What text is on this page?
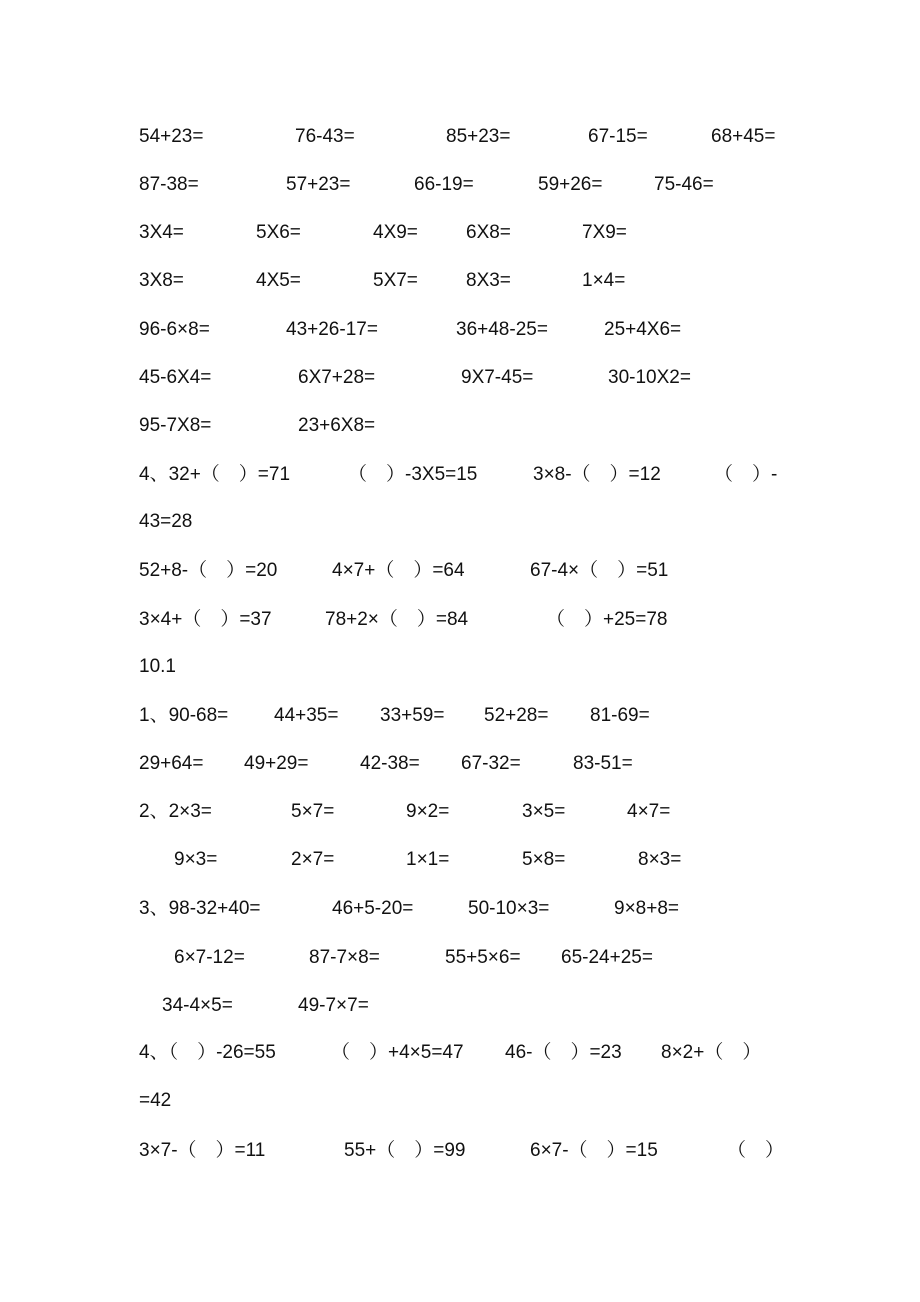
54+23=	76-43=	85+23=	67-15=	68+45=
87-38=	57+23=	66-19=	59+26=	75-46=
3X4=	5X6=	4X9=	6X8=	7X9=
3X8=	4X5=	5X7=	8X3=	1×4=
96-6×8=	43+26-17=	36+48-25=	25+4X6=
45-6X4=	6X7+28=	9X7-45=	30-10X2=
95-7X8=	23+6X8=
4、32+（　）=71	（　）-3X5=15	3×8-（　）=12	（　）-
43=28
52+8-（　）=20	4×7+（　）=64	67-4×（　）=51
3×4+（　）=37	78+2×（　）=84	（　）+25=78
10.1
1、90-68= 44+35= 33+59= 52+28= 81-69=
29+64= 49+29=	42-38= 67-32=	83-51=
2、2×3=	5×7=	9×2=	3×5=	4×7=
9×3=	2×7=	1×1=	5×8=	8×3=
3、98-32+40=	46+5-20=	50-10×3=	9×8+8=
6×7-12=	87-7×8=	55+5×6= 65-24+25=
34-4×5=	49-7×7=
4、（　）-26=55	（　）+4×5=47 46-（　）=23 8×2+（　）
=42
3×7-（　）=11	55+（　）=99	6×7-（　）=15	（　）
